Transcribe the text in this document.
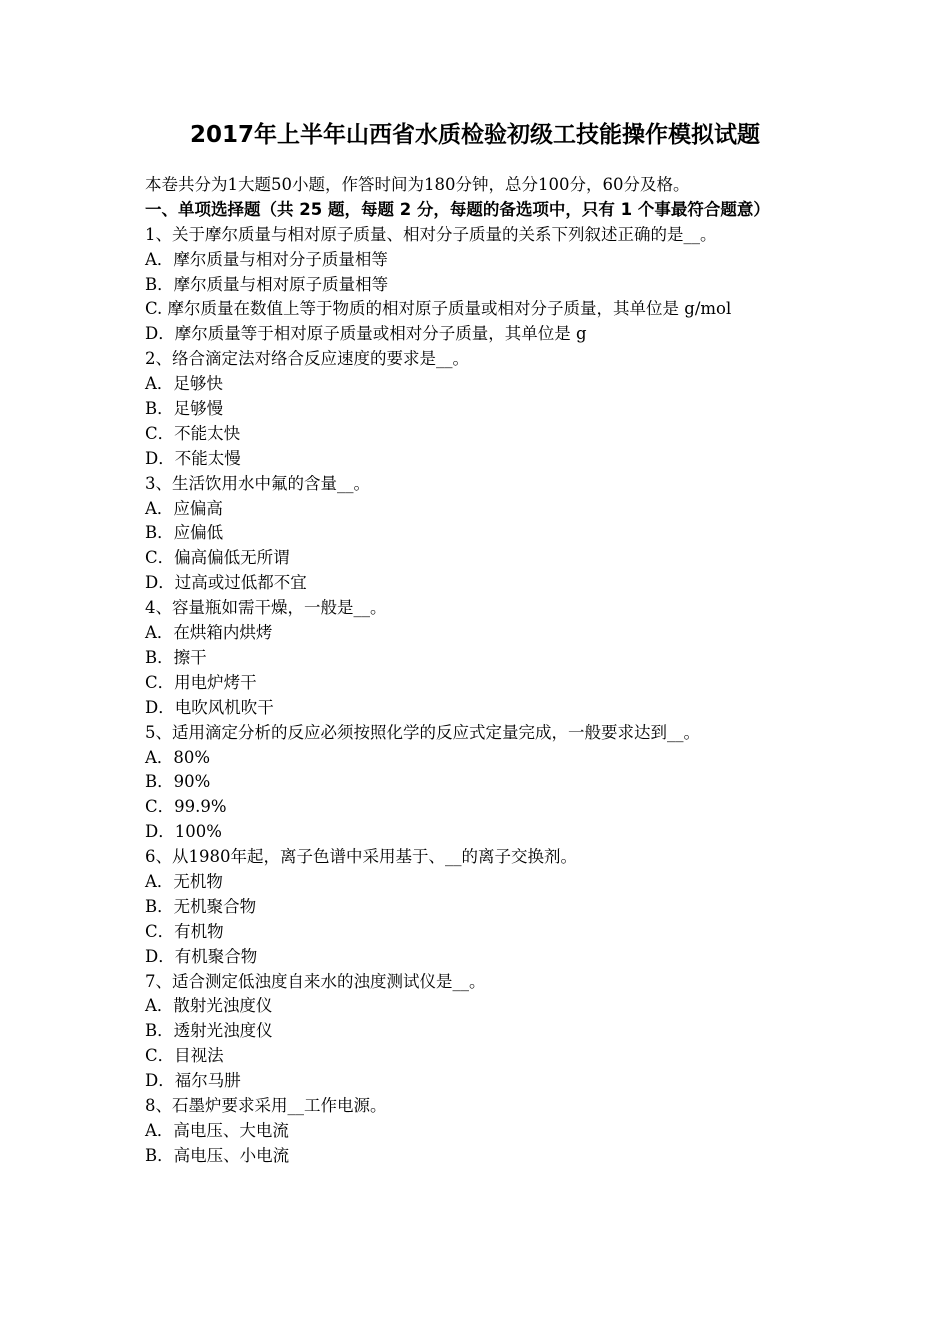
2017年上半年山西省水质检验初级工技能操作模拟试题
本卷共分为1大题50小题，作答时间为180分钟，总分100分，60分及格。
一、单项选择题（共 25 题，每题 2 分，每题的备选项中，只有 1 个事最符合题意）
1、关于摩尔质量与相对原子质量、相对分子质量的关系下列叙述正确的是__。
A．摩尔质量与相对分子质量相等
B．摩尔质量与相对原子质量相等
C. 摩尔质量在数值上等于物质的相对原子质量或相对分子质量，其单位是 g/mol
D．摩尔质量等于相对原子质量或相对分子质量，其单位是 g
2、络合滴定法对络合反应速度的要求是__。
A．足够快
B．足够慢
C．不能太快
D．不能太慢
3、生活饮用水中氟的含量__。
A．应偏高
B．应偏低
C．偏高偏低无所谓
D．过高或过低都不宜
4、容量瓶如需干燥，一般是__。
A．在烘箱内烘烤
B．擦干
C．用电炉烤干
D．电吹风机吹干
5、适用滴定分析的反应必须按照化学的反应式定量完成，一般要求达到__。
A．80%
B．90%
C．99.9%
D．100%
6、从1980年起，离子色谱中采用基于、__的离子交换剂。
A．无机物
B．无机聚合物
C．有机物
D．有机聚合物
7、适合测定低浊度自来水的浊度测试仪是__。
A．散射光浊度仪
B．透射光浊度仪
C．目视法
D．福尔马肼
8、石墨炉要求采用__工作电源。
A．高电压、大电流
B．高电压、小电流
